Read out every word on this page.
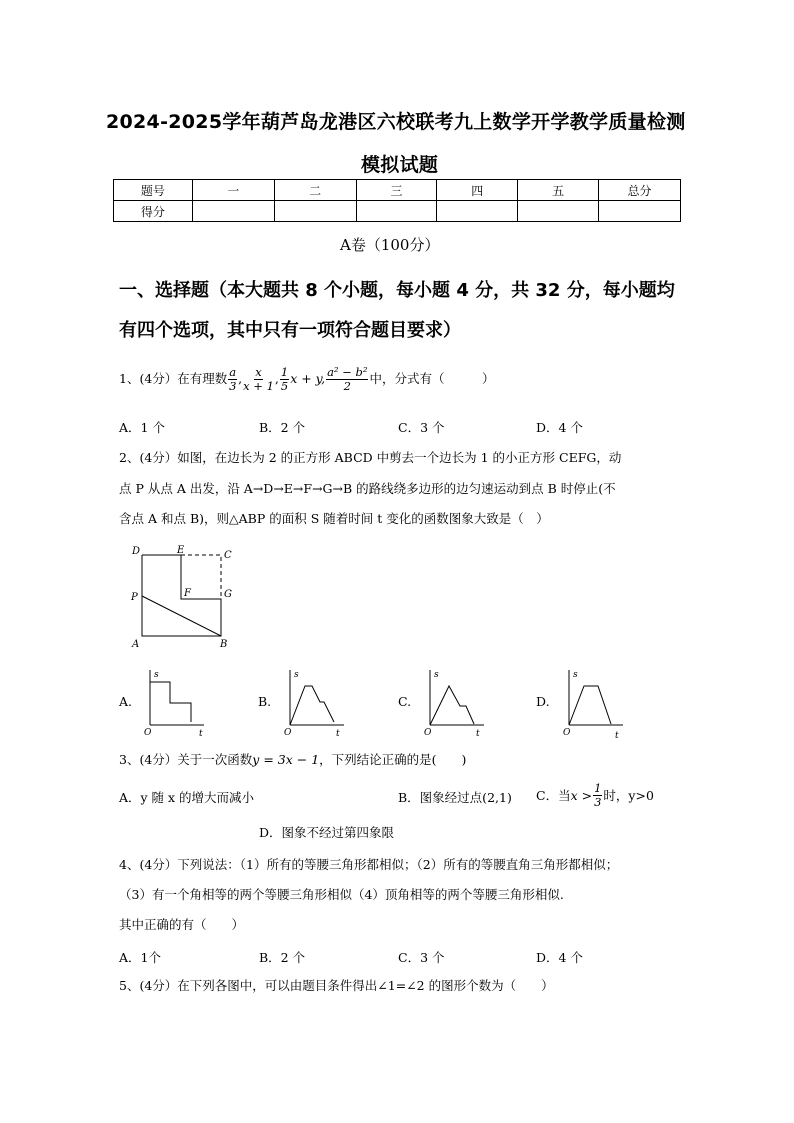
2024-2025学年葫芦岛龙港区六校联考九上数学开学教学质量检测
模拟试题
题号	一	二	三	四	五	总分
得分						
A卷（100分）
一、选择题（本大题共 8 个小题，每小题 4 分，共 32 分，每小题均
有四个选项，其中只有一项符合题目要求）
1、(4分）在有理数 $\frac{a}{3}$ , $\frac{x}{x + 1}$ , $\frac{1}{5}$ x + y, $\frac{\text{a² − b²}}{2}$ 中，分式有（　　　）
A．1 个	B．2 个	C．3 个	D．4 个
2、(4分）如图，在边长为 2 的正方形 ABCD 中剪去一个边长为 1 的小正方形 CEFG，动
点 P 从点 A 出发，沿 A→D→E→F→G→B 的路线绕多边形的边匀速运动到点 B 时停止(不
含点 A 和点 B)，则△ABP 的面积 S 随着时间 t 变化的函数图象大致是（　）
D	E	C
F	G
P
A	B
A.
s
t
O
B.
s
t
O
C.
s
t
O
D.
s
t
O
3、(4分）关于一次函数 y = 3x − 1 ，下列结论正确的是(　　)
A．y 随 x 的增大而减小	B．图象经过点(2,1) C．当 $x > \frac{1}{3}$ 时，y>0
D．图象不经过第四象限
4、(4分）下列说法：（1）所有的等腰三角形都相似；（2）所有的等腰直角三角形都相似；
（3）有一个角相等的两个等腰三角形相似（4）顶角相等的两个等腰三角形相似.
其中正确的有（　　）
A．1个	B．2 个	C．3 个	D．4 个
5、(4分）在下列各图中，可以由题目条件得出∠1=∠2 的图形个数为（　　）
